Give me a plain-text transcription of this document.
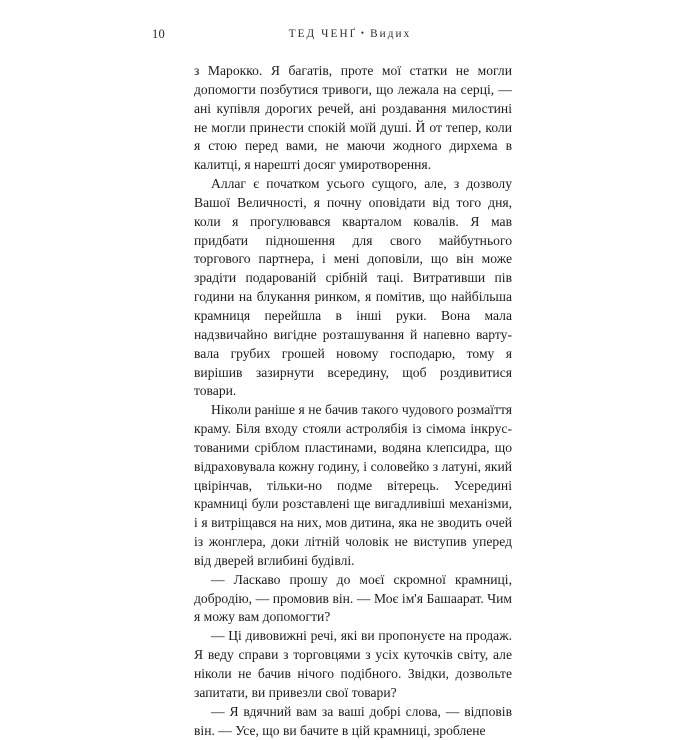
10	ТЕД ЧЕНҐ • Видих

з Марокко. Я багатів, проте мої статки не могли допомогти позбутися тривоги, що лежала на серці, — ані купівля дорогих речей, ані роздавання милостині не могли принести спокій моїй душі. Й от тепер, коли я стою перед вами, не маючи жодного дирхема в калитці, я нарешті досяг умиротворення.

Аллаг є початком усього сущого, але, з дозволу Вашої Величності, я почну оповідати від того дня, коли я прогулювався кварталом ковалів. Я мав придбати підношення для свого майбутнього торгового партнера, і мені доповіли, що він може зрадіти подарованій срібній таці. Витративши пів години на блукання ринком, я помітив, що найбільша крамниця перейшла в інші руки. Вона мала надзвичайно вигідне розташування й напевно вартувала грубих грошей новому господарю, тому я вирішив зазирнути всередину, щоб роздивитися товари.

Ніколи раніше я не бачив такого чудового розмаїття краму. Біля входу стояли астролябія із сімома інкрустованими сріблом пластинами, водяна клепсидра, що відраховувала кожну годину, і соловейко з латуні, який цвірінчав, тільки-но подме вітерець. Усередині крамниці були розставлені ще вигадливіші механізми, і я витріщався на них, мов дитина, яка не зводить очей із жонглера, доки літній чоловік не виступив уперед від дверей вглибині будівлі.

— Ласкаво прошу до моєї скромної крамниці, добродію, — промовив він. — Моє ім'я Башаарат. Чим я можу вам допомогти?

— Ці дивовижні речі, які ви пропонуєте на продаж. Я веду справи з торговцями з усіх куточків світу, але ніколи не бачив нічого подібного. Звідки, дозвольте запитати, ви привезли свої товари?

— Я вдячний вам за ваші добрі слова, — відповів він. — Усе, що ви бачите в цій крамниці, зроблене
